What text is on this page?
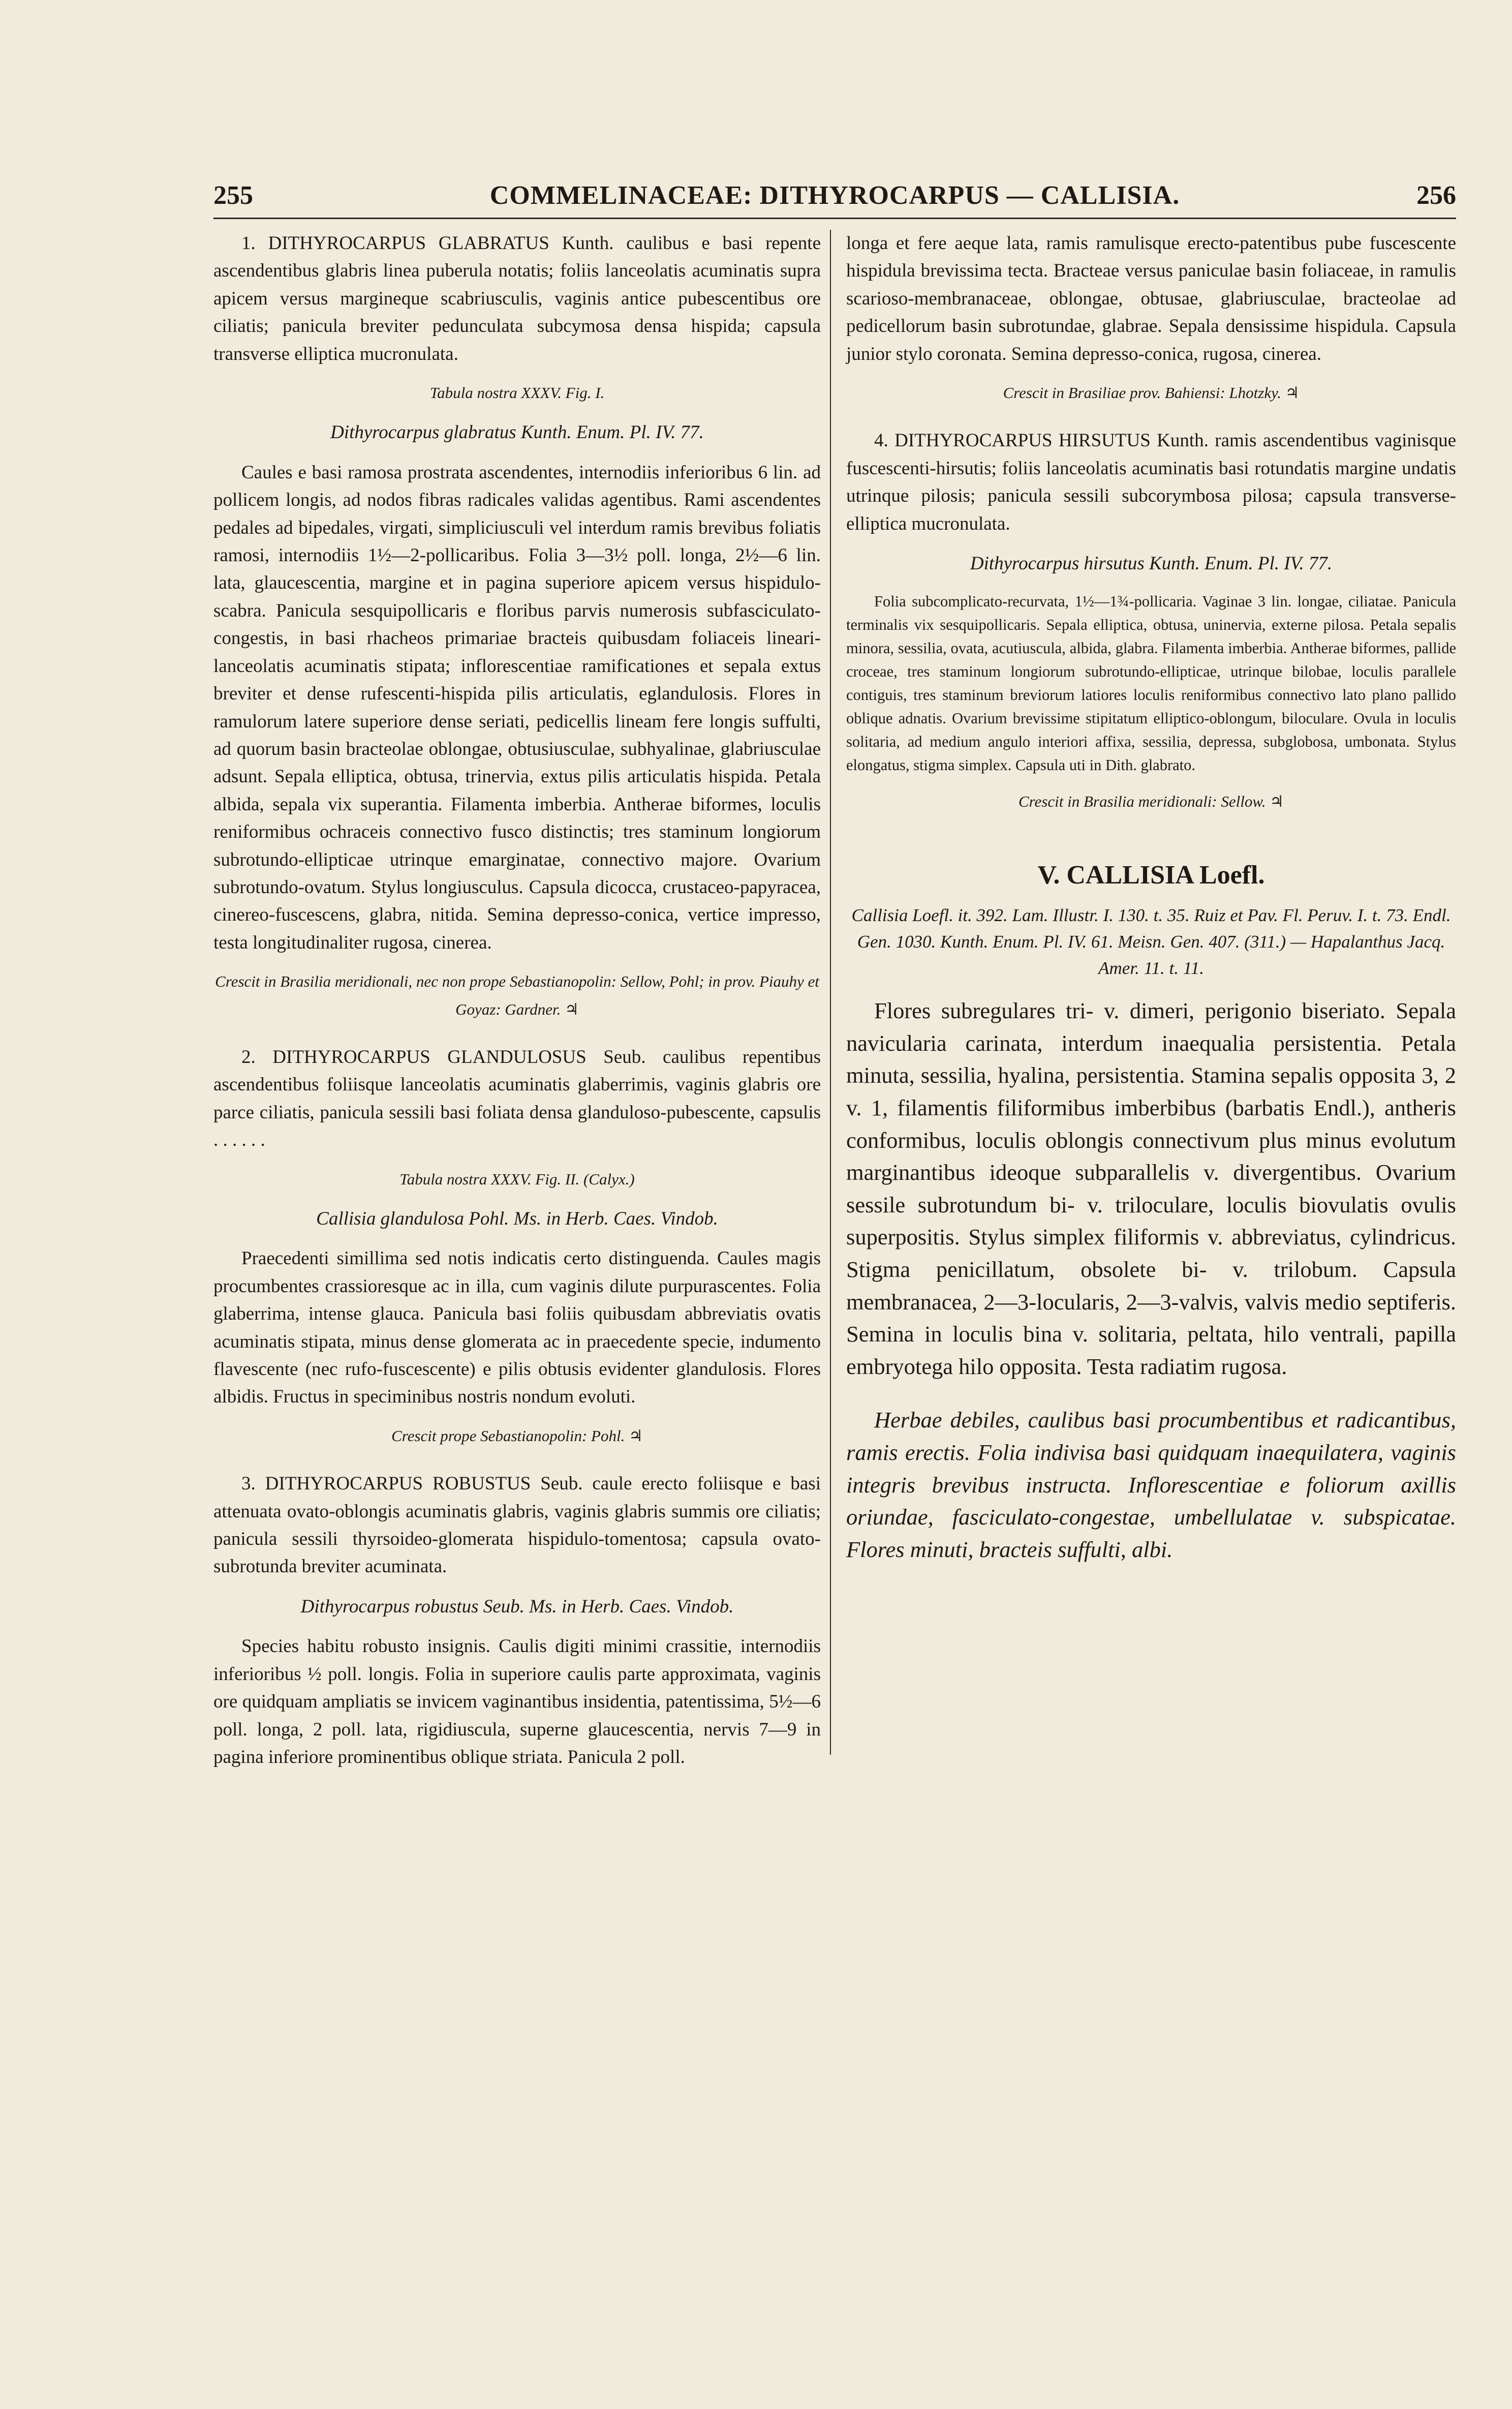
255	COMMELINACEAE: DITHYROCARPUS — CALLISIA.	256

1. DITHYROCARPUS GLABRATUS Kunth. caulibus e basi repente ascendentibus glabris linea puberula notatis; foliis lanceolatis acuminatis supra apicem versus margineque scabriusculis, vaginis antice pubescentibus ore ciliatis; panicula breviter pedunculata subcymosa densa hispida; capsula transverse elliptica mucronulata.

Tabula nostra XXXV. Fig. I.
Dithyrocarpus glabratus Kunth. Enum. Pl. IV. 77.

Caules e basi ramosa prostrata ascendentes, internodiis inferioribus 6 lin. ad pollicem longis, ad nodos fibras radicales validas agentibus. Rami ascendentes pedales ad bipedales, virgati, simpliciusculi vel interdum ramis brevibus foliatis ramosi, internodiis 1½—2-pollicaribus. Folia 3—3½ poll. longa, 2½—6 lin. lata, glaucescentia, margine et in pagina superiore apicem versus hispidulo-scabra. Panicula sesquipollicaris e floribus parvis numerosis subfasciculato-congestis, in basi rhacheos primariae bracteis quibusdam foliaceis lineari-lanceolatis acuminatis stipata; inflorescentiae ramificationes et sepala extus breviter et dense rufescenti-hispida pilis articulatis, eglandulosis. Flores in ramulorum latere superiore dense seriati, pedicellis lineam fere longis suffulti, ad quorum basin bracteolae oblongae, obtusiusculae, subhyalinae, glabriusculae adsunt. Sepala elliptica, obtusa, trinervia, extus pilis articulatis hispida. Petala albida, sepala vix superantia. Filamenta imberbia. Antherae biformes, loculis reniformibus ochraceis connectivo fusco distinctis; tres staminum longiorum subrotundo-ellipticae utrinque emarginatae, connectivo majore. Ovarium subrotundo-ovatum. Stylus longiusculus. Capsula dicocca, crustaceo-papyracea, cinereo-fuscescens, glabra, nitida. Semina depresso-conica, vertice impresso, testa longitudinaliter rugosa, cinerea.

Crescit in Brasilia meridionali, nec non prope Sebastianopolin: Sellow, Pohl; in prov. Piauhy et Goyaz: Gardner. ♃

2. DITHYROCARPUS GLANDULOSUS Seub. caulibus repentibus ascendentibus foliisque lanceolatis acuminatis glaberrimis, vaginis glabris ore parce ciliatis, panicula sessili basi foliata densa glanduloso-pubescente, capsulis . . . . . .

Tabula nostra XXXV. Fig. II. (Calyx.)
Callisia glandulosa Pohl. Ms. in Herb. Caes. Vindob.

Praecedenti simillima sed notis indicatis certo distinguenda. Caules magis procumbentes crassioresque ac in illa, cum vaginis dilute purpurascentes. Folia glaberrima, intense glauca. Panicula basi foliis quibusdam abbreviatis ovatis acuminatis stipata, minus dense glomerata ac in praecedente specie, indumento flavescente (nec rufo-fuscescente) e pilis obtusis evidenter glandulosis. Flores albidis. Fructus in speciminibus nostris nondum evoluti.

Crescit prope Sebastianopolin: Pohl. ♃

3. DITHYROCARPUS ROBUSTUS Seub. caule erecto foliisque e basi attenuata ovato-oblongis acuminatis glabris, vaginis glabris summis ore ciliatis; panicula sessili thyrsoideo-glomerata hispidulo-tomentosa; capsula ovato-subrotunda breviter acuminata.

Dithyrocarpus robustus Seub. Ms. in Herb. Caes. Vindob.

Species habitu robusto insignis. Caulis digiti minimi crassitie, internodiis inferioribus ½ poll. longis. Folia in superiore caulis parte approximata, vaginis ore quidquam ampliatis se invicem vaginantibus insidentia, patentissima, 5½—6 poll. longa, 2 poll. lata, rigidiuscula, superne glaucescentia, nervis 7—9 in pagina inferiore prominentibus oblique striata. Panicula 2 poll.

longa et fere aeque lata, ramis ramulisque erecto-patentibus pube fuscescente hispidula brevissima tecta. Bracteae versus paniculae basin foliaceae, in ramulis scarioso-membranaceae, oblongae, obtusae, glabriusculae, bracteolae ad pedicellorum basin subrotundae, glabrae. Sepala densissime hispidula. Capsula junior stylo coronata. Semina depresso-conica, rugosa, cinerea.

Crescit in Brasiliae prov. Bahiensi: Lhotzky. ♃

4. DITHYROCARPUS HIRSUTUS Kunth. ramis ascendentibus vaginisque fuscescenti-hirsutis; foliis lanceolatis acuminatis basi rotundatis margine undatis utrinque pilosis; panicula sessili subcorymbosa pilosa; capsula transverse-elliptica mucronulata.

Dithyrocarpus hirsutus Kunth. Enum. Pl. IV. 77.

Folia subcomplicato-recurvata, 1½—1¾-pollicaria. Vaginae 3 lin. longae, ciliatae. Panicula terminalis vix sesquipollicaris. Sepala elliptica, obtusa, uninervia, externe pilosa. Petala sepalis minora, sessilia, ovata, acutiuscula, albida, glabra. Filamenta imberbia. Antherae biformes, pallide croceae, tres staminum longiorum subrotundo-ellipticae, utrinque bilobae, loculis parallele contiguis, tres staminum breviorum latiores loculis reniformibus connectivo lato plano pallido oblique adnatis. Ovarium brevissime stipitatum elliptico-oblongum, bilocularе. Ovula in loculis solitaria, ad medium angulo interiori affixa, sessilia, depressa, subglobosa, umbonata. Stylus elongatus, stigma simplex. Capsula uti in Dith. glabrato.

Crescit in Brasilia meridionali: Sellow. ♃
V. CALLISIA Loefl.
Callisia Loefl. it. 392. Lam. Illustr. I. 130. t. 35. Ruiz et Pav. Fl. Peruv. I. t. 73. Endl. Gen. 1030. Kunth. Enum. Pl. IV. 61. Meisn. Gen. 407. (311.) — Hapalanthus Jacq. Amer. 11. t. 11.

Flores subregulares tri- v. dimeri, perigonio biseriato. Sepala navicularia carinata, interdum inaequalia persistentia. Petala minuta, sessilia, hyalina, persistentia. Stamina sepalis opposita 3, 2 v. 1, filamentis filiformibus imberbibus (barbatis Endl.), antheris conformibus, loculis oblongis connectivum plus minus evolutum marginantibus ideoque subparallelis v. divergentibus. Ovarium sessile subrotundum bi- v. triloculare, loculis biovulatis ovulis superpositis. Stylus simplex filiformis v. abbreviatus, cylindricus. Stigma penicillatum, obsolete bi- v. trilobum. Capsula membranacea, 2—3-locularis, 2—3-valvis, valvis medio septiferis. Semina in loculis bina v. solitaria, peltata, hilo ventrali, papilla embryotega hilo opposita. Testa radiatim rugosa.

Herbae debiles, caulibus basi procumbentibus et radicantibus, ramis erectis. Folia indivisa basi quidquam inaequilatera, vaginis integris brevibus instructa. Inflorescentiae e foliorum axillis oriundae, fasciculato-congestae, umbellulatae v. subspicatae. Flores minuti, bracteis suffulti, albi.
